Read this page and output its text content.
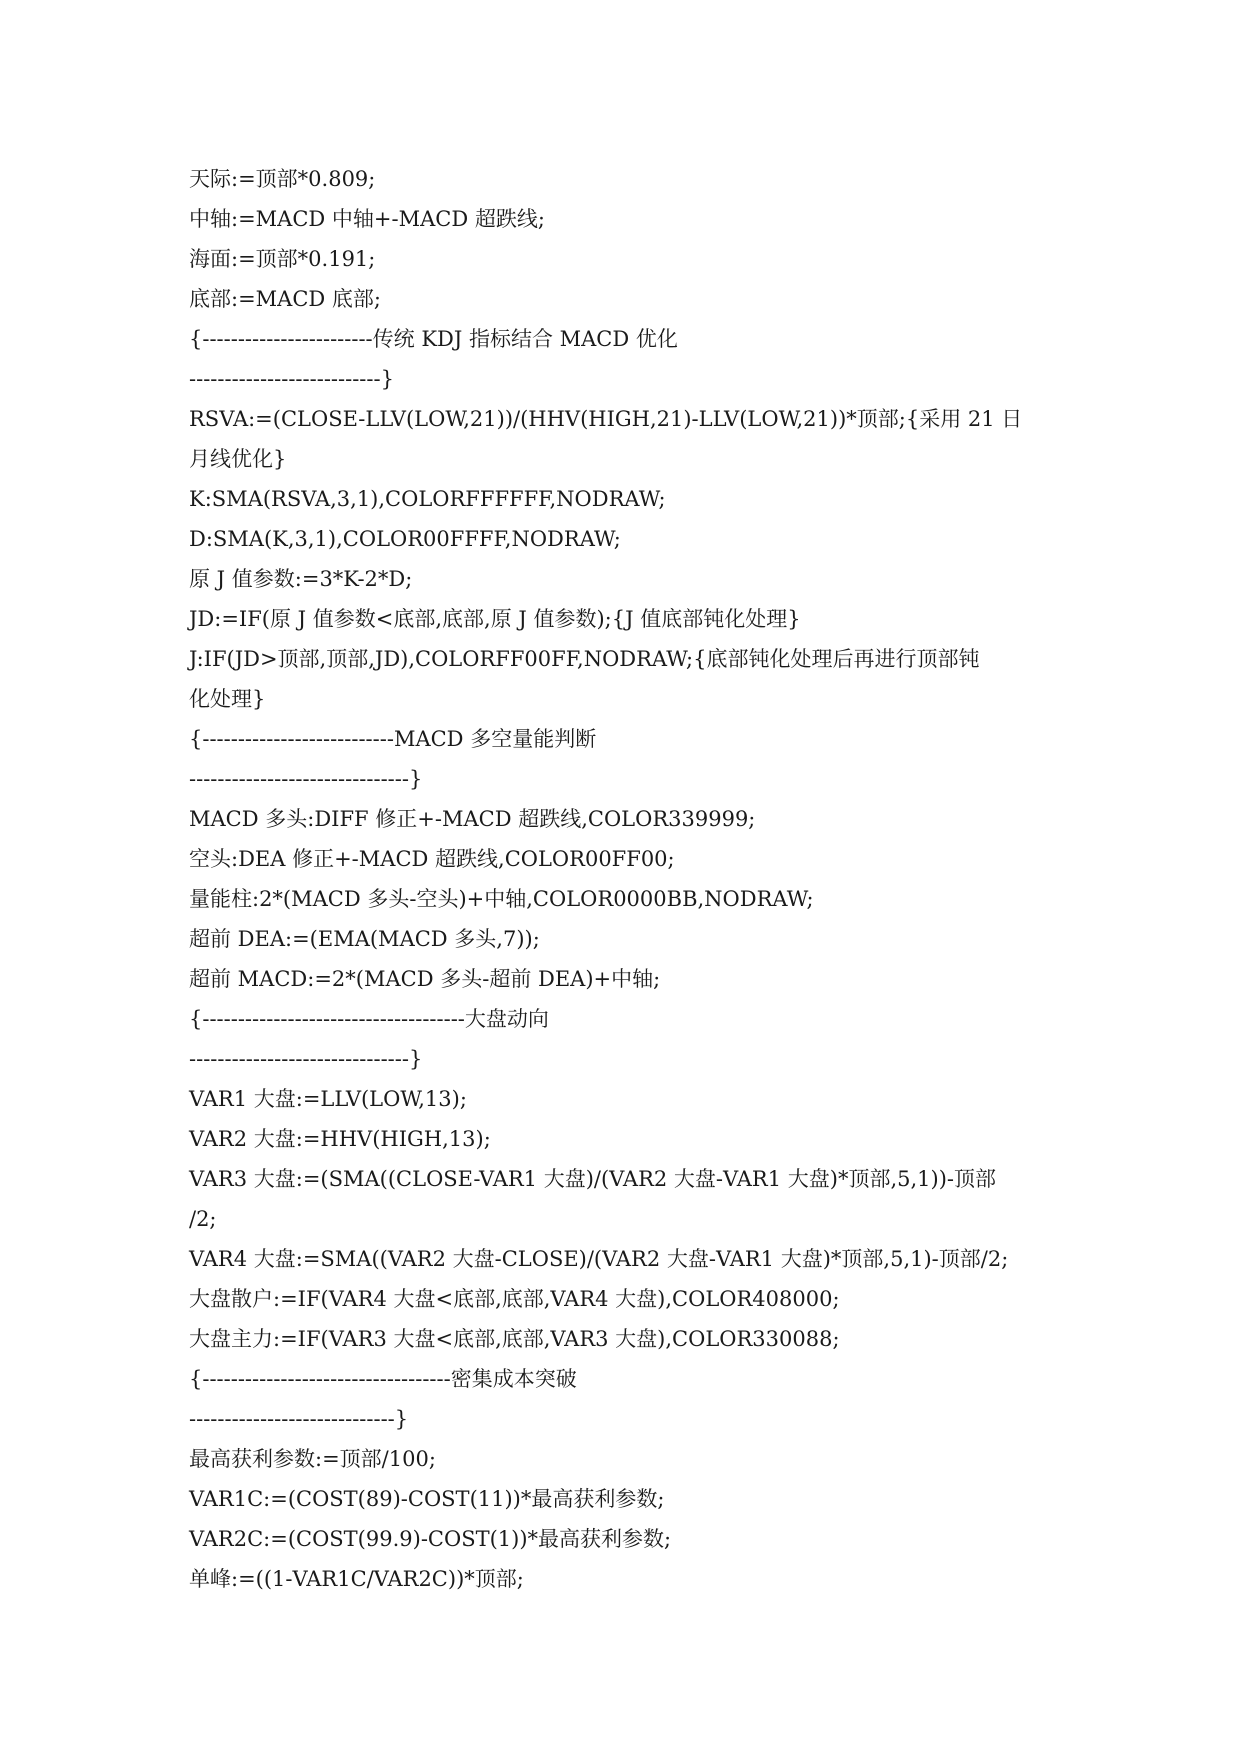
天际:=顶部*0.809;
中轴:=MACD 中轴+-MACD 超跌线;
海面:=顶部*0.191;
底部:=MACD 底部;
{------------------------传统 KDJ 指标结合 MACD 优化
---------------------------}
RSVA:=(CLOSE-LLV(LOW,21))/(HHV(HIGH,21)-LLV(LOW,21))*顶部;{采用 21 日
月线优化}
K:SMA(RSVA,3,1),COLORFFFFFF,NODRAW;
D:SMA(K,3,1),COLOR00FFFF,NODRAW;
原 J 值参数:=3*K-2*D;
JD:=IF(原 J 值参数<底部,底部,原 J 值参数);{J 值底部钝化处理}
J:IF(JD>顶部,顶部,JD),COLORFF00FF,NODRAW;{底部钝化处理后再进行顶部钝
化处理}
{---------------------------MACD 多空量能判断
-------------------------------}
MACD 多头:DIFF 修正+-MACD 超跌线,COLOR339999;
空头:DEA 修正+-MACD 超跌线,COLOR00FF00;
量能柱:2*(MACD 多头-空头)+中轴,COLOR0000BB,NODRAW;
超前 DEA:=(EMA(MACD 多头,7));
超前 MACD:=2*(MACD 多头-超前 DEA)+中轴;
{-------------------------------------大盘动向
-------------------------------}
VAR1 大盘:=LLV(LOW,13);
VAR2 大盘:=HHV(HIGH,13);
VAR3 大盘:=(SMA((CLOSE-VAR1 大盘)/(VAR2 大盘-VAR1 大盘)*顶部,5,1))-顶部
/2;
VAR4 大盘:=SMA((VAR2 大盘-CLOSE)/(VAR2 大盘-VAR1 大盘)*顶部,5,1)-顶部/2;
大盘散户:=IF(VAR4 大盘<底部,底部,VAR4 大盘),COLOR408000;
大盘主力:=IF(VAR3 大盘<底部,底部,VAR3 大盘),COLOR330088;
{-----------------------------------密集成本突破
-----------------------------}
最高获利参数:=顶部/100;
VAR1C:=(COST(89)-COST(11))*最高获利参数;
VAR2C:=(COST(99.9)-COST(1))*最高获利参数;
单峰:=((1-VAR1C/VAR2C))*顶部;
